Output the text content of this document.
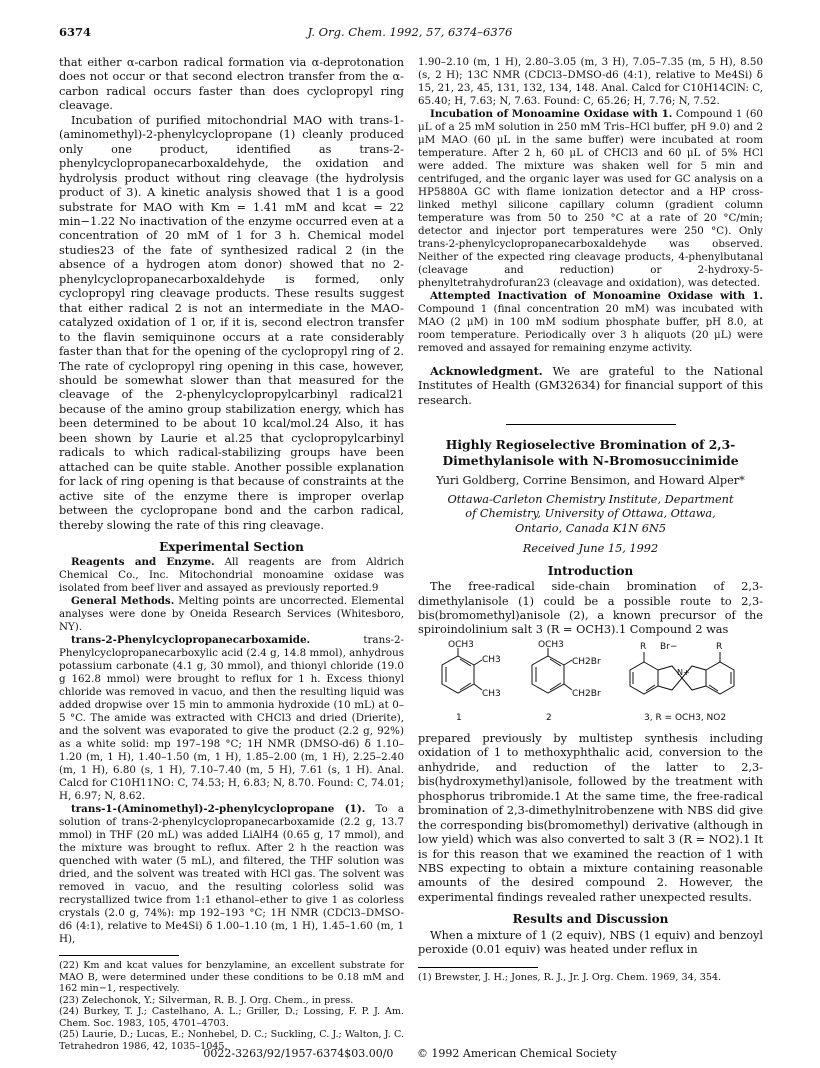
6374	J. Org. Chem. 1992, 57, 6374–6376

that either α-carbon radical formation via α-deprotonation does not occur or that second electron transfer from the α-carbon radical occurs faster than does cyclopropyl ring cleavage.

Incubation of purified mitochondrial MAO with trans-1-(aminomethyl)-2-phenylcyclopropane (1) cleanly produced only one product, identified as trans-2-phenylcyclopropanecarboxaldehyde, the oxidation and hydrolysis product without ring cleavage (the hydrolysis product of 3). A kinetic analysis showed that 1 is a good substrate for MAO with Km = 1.41 mM and kcat = 22 min−1.22 No inactivation of the enzyme occurred even at a concentration of 20 mM of 1 for 3 h. Chemical model studies23 of the fate of synthesized radical 2 (in the absence of a hydrogen atom donor) showed that no 2-phenylcyclopropanecarboxaldehyde is formed, only cyclopropyl ring cleavage products. These results suggest that either radical 2 is not an intermediate in the MAO-catalyzed oxidation of 1 or, if it is, second electron transfer to the flavin semiquinone occurs at a rate considerably faster than that for the opening of the cyclopropyl ring of 2. The rate of cyclopropyl ring opening in this case, however, should be somewhat slower than that measured for the cleavage of the 2-phenylcyclopropylcarbinyl radical21 because of the amino group stabilization energy, which has been determined to be about 10 kcal/mol.24 Also, it has been shown by Laurie et al.25 that cyclopropylcarbinyl radicals to which radical-stabilizing groups have been attached can be quite stable. Another possible explanation for lack of ring opening is that because of constraints at the active site of the enzyme there is improper overlap between the cyclopropane bond and the carbon radical, thereby slowing the rate of this ring cleavage.

Experimental Section

Reagents and Enzyme. All reagents are from Aldrich Chemical Co., Inc. Mitochondrial monoamine oxidase was isolated from beef liver and assayed as previously reported.9

General Methods. Melting points are uncorrected. Elemental analyses were done by Oneida Research Services (Whitesboro, NY).

trans-2-Phenylcyclopropanecarboxamide.	trans-2-Phenylcyclopropanecarboxylic acid (2.4 g, 14.8 mmol), anhydrous potassium carbonate (4.1 g, 30 mmol), and thionyl chloride (19.0 g 162.8 mmol) were brought to reflux for 1 h. Excess thionyl chloride was removed in vacuo, and then the resulting liquid was added dropwise over 15 min to ammonia hydroxide (10 mL) at 0–5 °C. The amide was extracted with CHCl3 and dried (Drierite), and the solvent was evaporated to give the product (2.2 g, 92%) as a white solid: mp 197–198 °C; 1H NMR (DMSO-d6) δ 1.10–1.20 (m, 1 H), 1.40–1.50 (m, 1 H), 1.85–2.00 (m, 1 H), 2.25–2.40 (m, 1 H), 6.80 (s, 1 H), 7.10–7.40 (m, 5 H), 7.61 (s, 1 H). Anal. Calcd for C10H11NO: C, 74.53; H, 6.83; N, 8.70. Found: C, 74.01; H, 6.97; N, 8.62.

trans-1-(Aminomethyl)-2-phenylcyclopropane (1). To a solution of trans-2-phenylcyclopropanecarboxamide (2.2 g, 13.7 mmol) in THF (20 mL) was added LiAlH4 (0.65 g, 17 mmol), and the mixture was brought to reflux. After 2 h the reaction was quenched with water (5 mL), and filtered, the THF solution was dried, and the solvent was treated with HCl gas. The solvent was removed in vacuo, and the resulting colorless solid was recrystallized twice from 1:1 ethanol–ether to give 1 as colorless crystals (2.0 g, 74%): mp 192–193 °C; 1H NMR (CDCl3–DMSO-d6 (4:1), relative to Me4Si) δ 1.00–1.10 (m, 1 H), 1.45–1.60 (m, 1 H),

(22) Km and kcat values for benzylamine, an excellent substrate for MAO B, were determined under these conditions to be 0.18 mM and 162 min−1, respectively.

(23) Zelechonok, Y.; Silverman, R. B. J. Org. Chem., in press.

(24) Burkey, T. J.; Castelhano, A. L.; Griller, D.; Lossing, F. P. J. Am. Chem. Soc. 1983, 105, 4701–4703.

(25) Laurie, D.; Lucas, E.; Nonhebel, D. C.; Suckling, C. J.; Walton, J. C. Tetrahedron 1986, 42, 1035–1045.

1.90–2.10 (m, 1 H), 2.80–3.05 (m, 3 H), 7.05–7.35 (m, 5 H), 8.50 (s, 2 H); 13C NMR (CDCl3–DMSO-d6 (4:1), relative to Me4Si) δ 15, 21, 23, 45, 131, 132, 134, 148. Anal. Calcd for C10H14ClN: C, 65.40; H, 7.63; N, 7.63. Found: C, 65.26; H, 7.76; N, 7.52.

Incubation of Monoamine Oxidase with 1. Compound 1 (60 μL of a 25 mM solution in 250 mM Tris–HCl buffer, pH 9.0) and 2 μM MAO (60 μL in the same buffer) were incubated at room temperature. After 2 h, 60 μL of CHCl3 and 60 μL of 5% HCl were added. The mixture was shaken well for 5 min and centrifuged, and the organic layer was used for GC analysis on a HP5880A GC with flame ionization detector and a HP cross-linked methyl silicone capillary column (gradient column temperature was from 50 to 250 °C at a rate of 20 °C/min; detector and injector port temperatures were 250 °C). Only trans-2-phenylcyclopropanecarboxaldehyde was observed. Neither of the expected ring cleavage products, 4-phenylbutanal (cleavage and reduction) or 2-hydroxy-5-phenyltetrahydrofuran23 (cleavage and oxidation), was detected.

Attempted Inactivation of Monoamine Oxidase with 1. Compound 1 (final concentration 20 mM) was incubated with MAO (2 μM) in 100 mM sodium phosphate buffer, pH 8.0, at room temperature. Periodically over 3 h aliquots (20 μL) were removed and assayed for remaining enzyme activity.

Acknowledgment. We are grateful to the National Institutes of Health (GM32634) for financial support of this research.

Highly Regioselective Bromination of 2,3-Dimethylanisole with N-Bromosuccinimide

Yuri Goldberg, Corrine Bensimon, and Howard Alper*

Ottawa-Carleton Chemistry Institute, Department of Chemistry, University of Ottawa, Ottawa, Ontario, Canada K1N 6N5

Received June 15, 1992

Introduction

The free-radical side-chain bromination of 2,3-dimethylanisole (1) could be a possible route to 2,3-bis(bromomethyl)anisole (2), a known precursor of the spiroindolinium salt 3 (R = OCH3).1 Compound 2 was

OCH3
CH3
CH3
1
OCH3
CH2Br
CH2Br
2
R Br−	R
N+
3, R = OCH3, NO2

prepared previously by multistep synthesis including oxidation of 1 to methoxyphthalic acid, conversion to the anhydride, and reduction of the latter to 2,3-bis(hydroxymethyl)anisole, followed by the treatment with phosphorus tribromide.1 At the same time, the free-radical bromination of 2,3-dimethylnitrobenzene with NBS did give the corresponding bis(bromomethyl) derivative (although in low yield) which was also converted to salt 3 (R = NO2).1 It is for this reason that we examined the reaction of 1 with NBS expecting to obtain a mixture containing reasonable amounts of the desired compound 2. However, the experimental findings revealed rather unexpected results.

Results and Discussion

When a mixture of 1 (2 equiv), NBS (1 equiv) and benzoyl peroxide (0.01 equiv) was heated under reflux in

(1) Brewster, J. H.; Jones, R. J., Jr. J. Org. Chem. 1969, 34, 354.

0022-3263/92/1957-6374$03.00/0 © 1992 American Chemical Society
